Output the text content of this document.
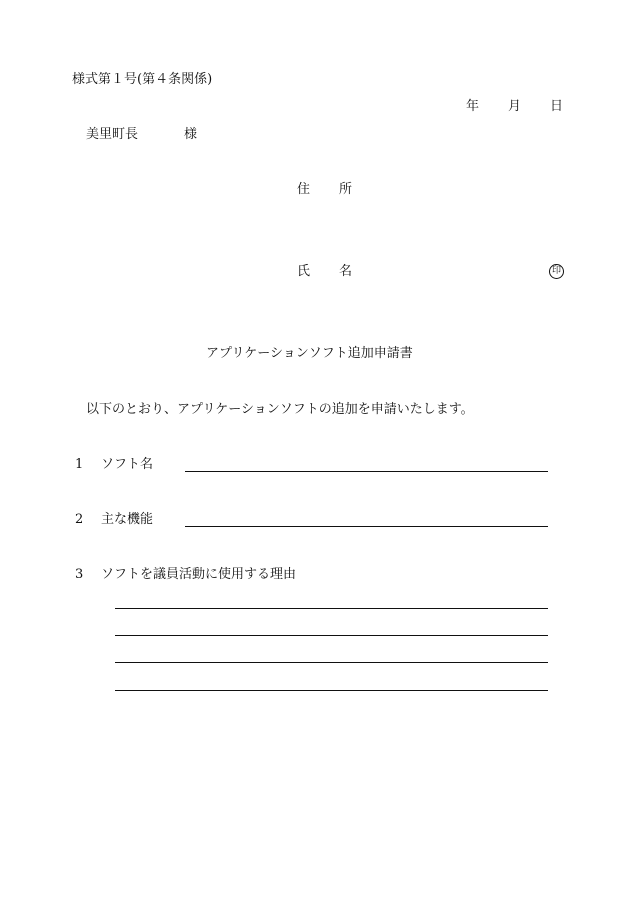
様式第１号(第４条関係)
年 月 日
美里町長	様
住 所
氏 名	印
アプリケーションソフト追加申請書
以下のとおり、アプリケーションソフトの追加を申請いたします。
1 ソフト名
2 主な機能
3 ソフトを議員活動に使用する理由
